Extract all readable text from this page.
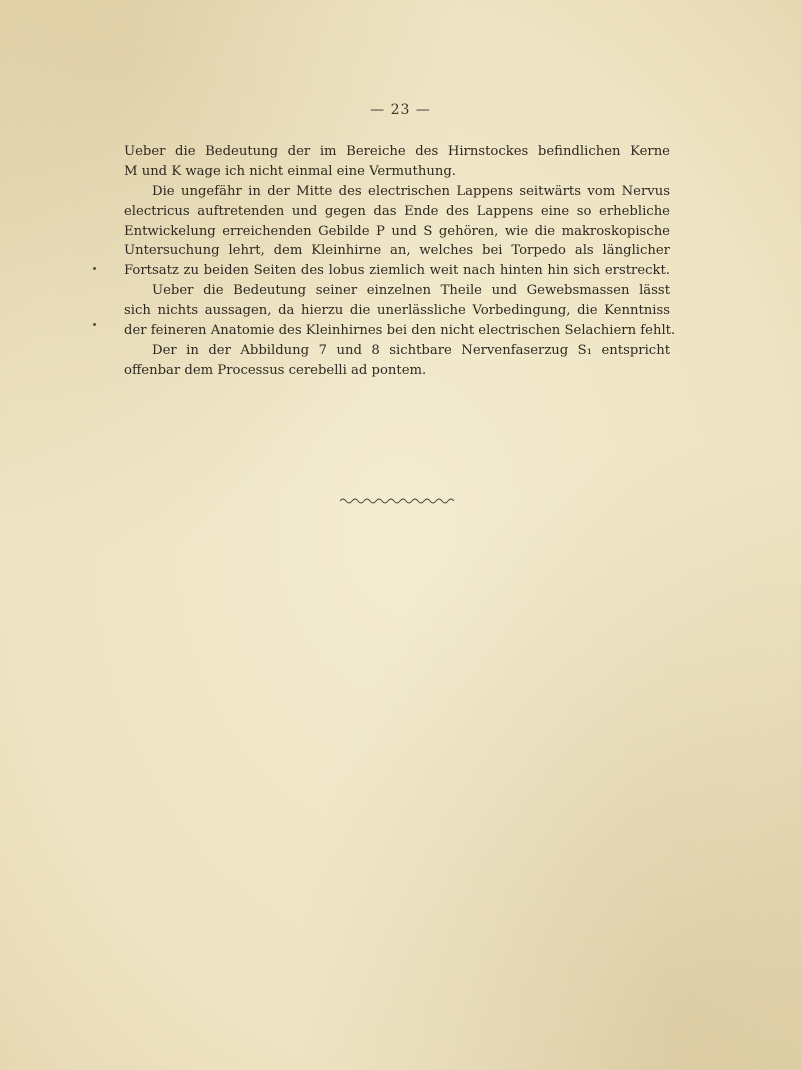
— 23 —
Ueber die Bedeutung der im Bereiche des Hirnstockes befindlichen Kerne
M und K wage ich nicht einmal eine Vermuthung.
Die ungefähr in der Mitte des electrischen Lappens seitwärts vom Nervus
electricus auftretenden und gegen das Ende des Lappens eine so erhebliche
Entwickelung erreichenden Gebilde P und S gehören, wie die makroskopische
Untersuchung lehrt, dem Kleinhirne an, welches bei Torpedo als länglicher
Fortsatz zu beiden Seiten des lobus ziemlich weit nach hinten hin sich erstreckt.
Ueber die Bedeutung seiner einzelnen Theile und Gewebsmassen lässt
sich nichts aussagen, da hierzu die unerlässliche Vorbedingung, die Kenntniss
der feineren Anatomie des Kleinhirnes bei den nicht electrischen Selachiern fehlt.
Der in der Abbildung 7 und 8 sichtbare Nervenfaserzug S₁ entspricht
offenbar dem Processus cerebelli ad pontem.
